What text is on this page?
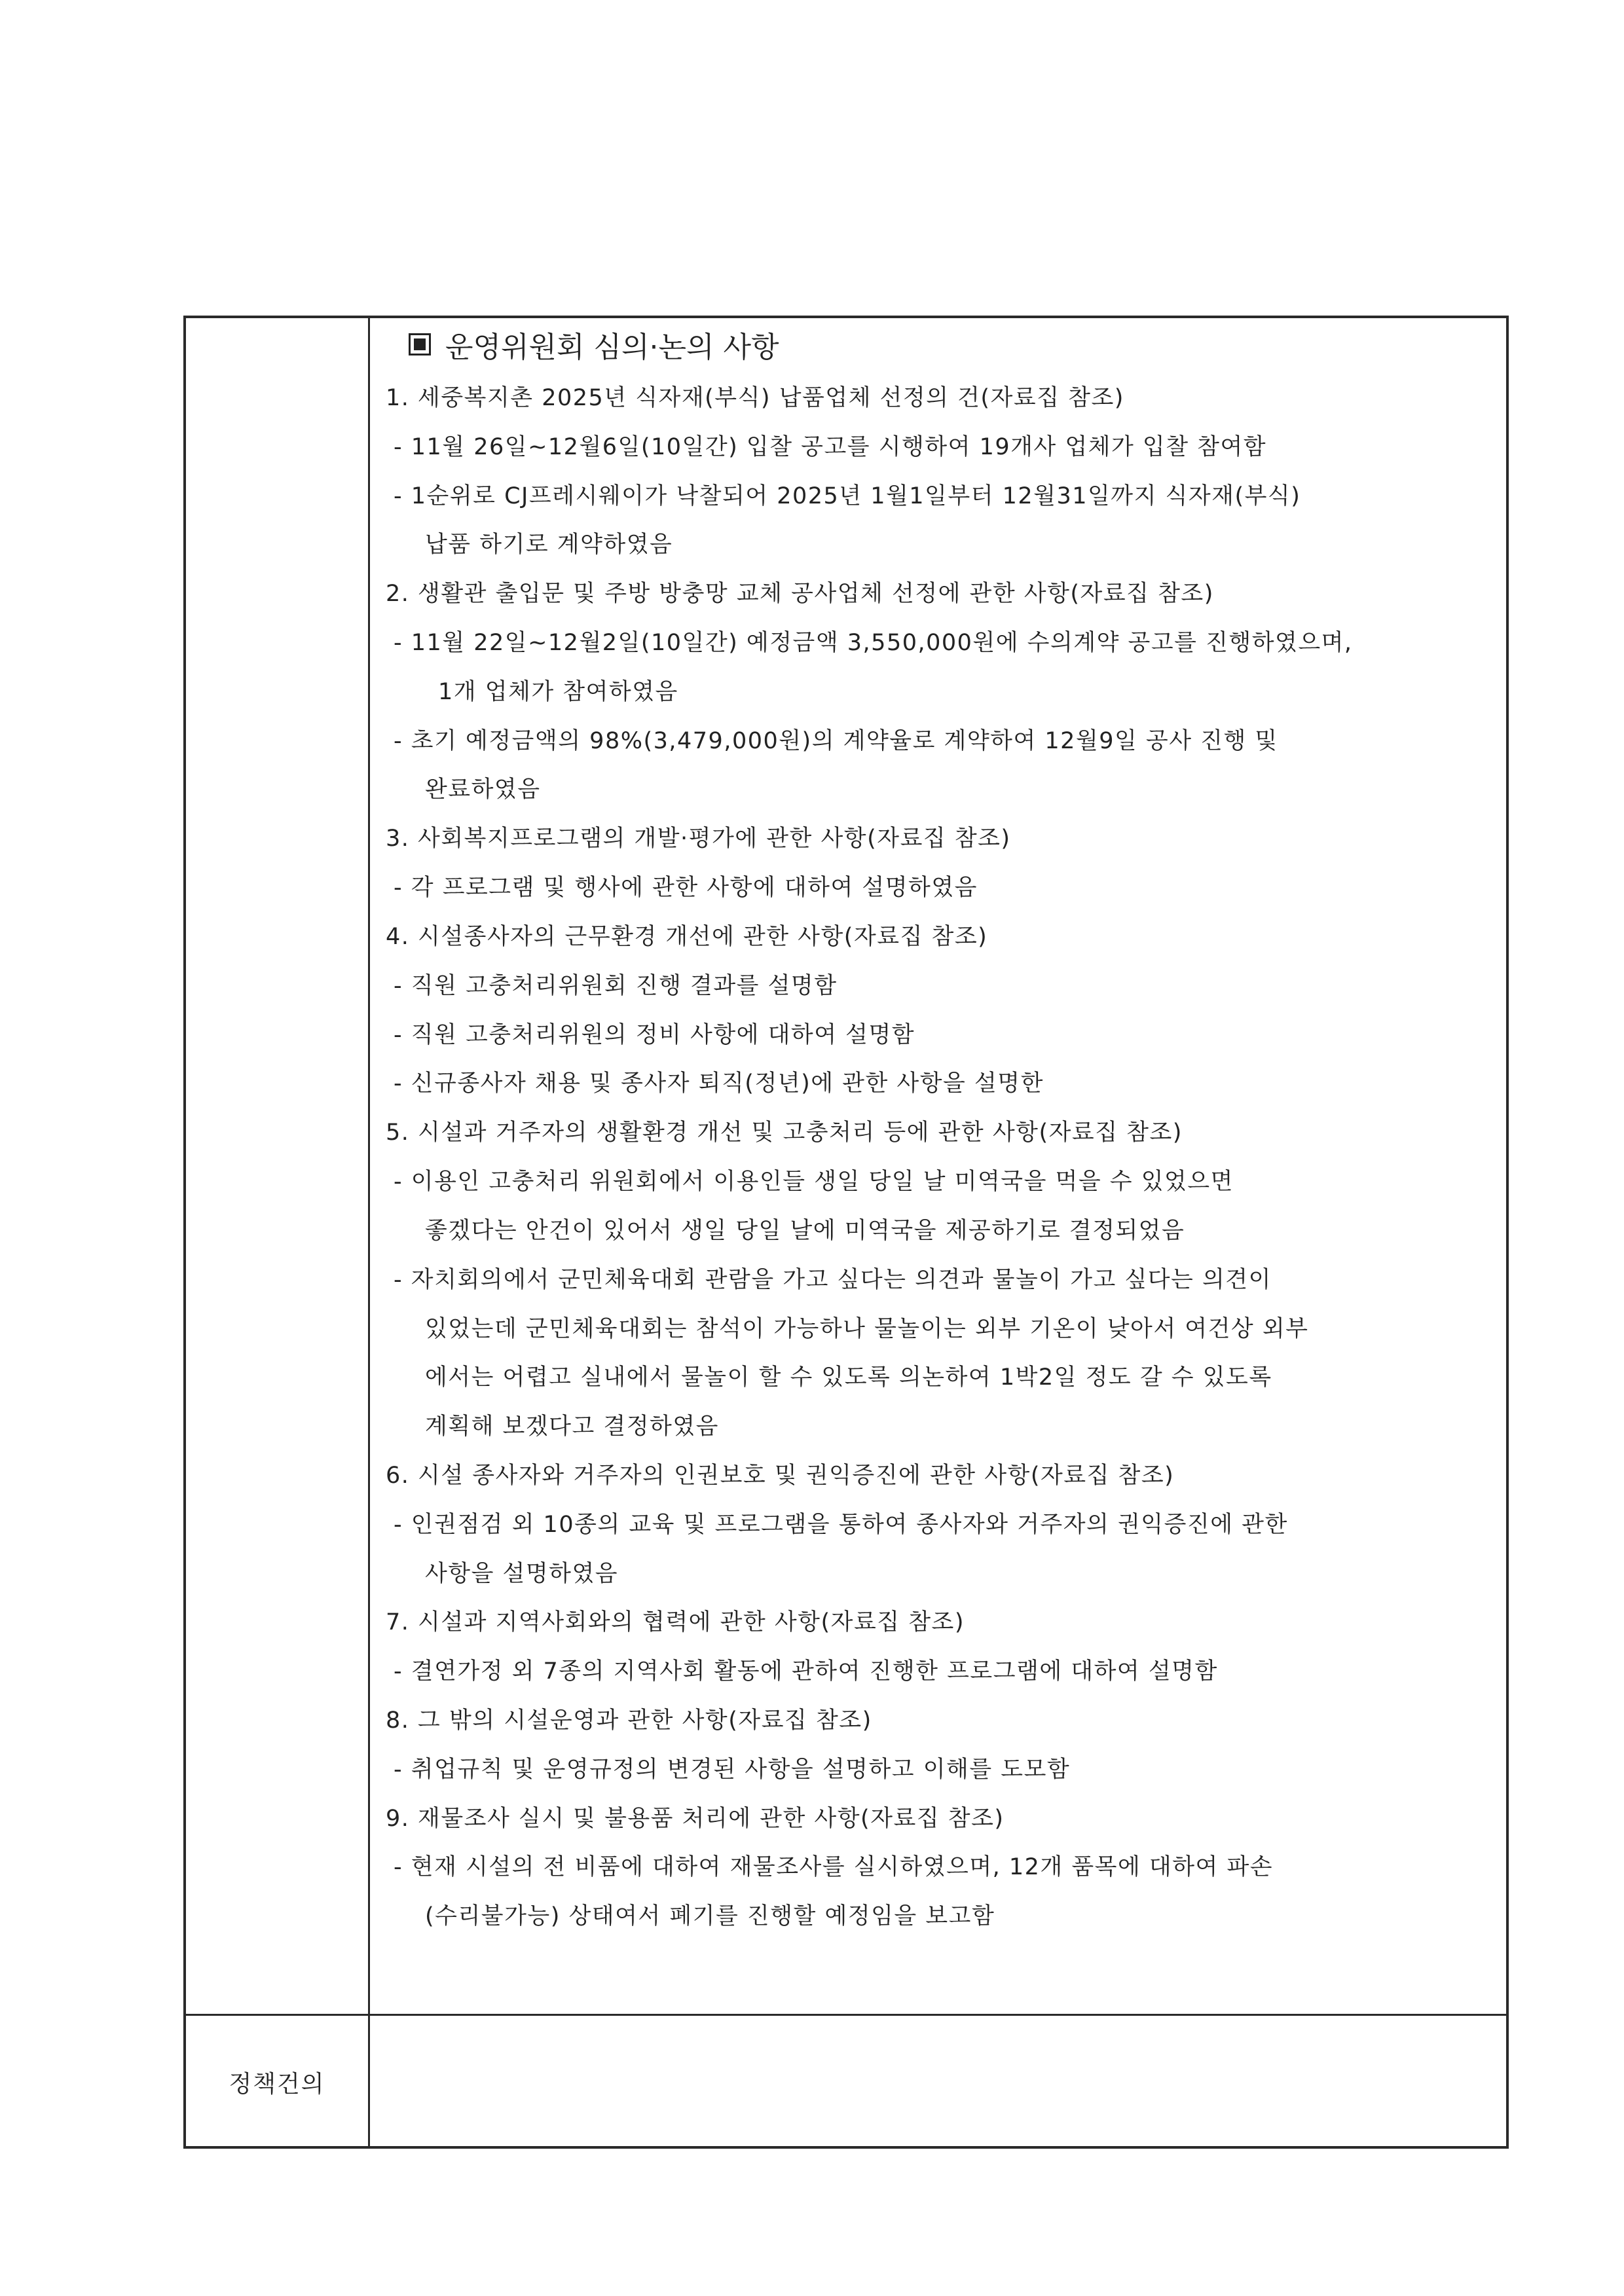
운영위원회 심의·논의 사항
1. 세중복지촌 2025년 식자재(부식) 납품업체 선정의 건(자료집 참조)
- 11월 26일~12월6일(10일간) 입찰 공고를 시행하여 19개사 업체가 입찰 참여함
- 1순위로 CJ프레시웨이가 낙찰되어 2025년 1월1일부터 12월31일까지 식자재(부식)
납품 하기로 계약하였음
2. 생활관 출입문 및 주방 방충망 교체 공사업체 선정에 관한 사항(자료집 참조)
- 11월 22일~12월2일(10일간) 예정금액 3,550,000원에 수의계약 공고를 진행하였으며,
1개 업체가 참여하였음
- 초기 예정금액의 98%(3,479,000원)의 계약율로 계약하여 12월9일 공사 진행 및
완료하였음
3. 사회복지프로그램의 개발·평가에 관한 사항(자료집 참조)
- 각 프로그램 및 행사에 관한 사항에 대하여 설명하였음
4. 시설종사자의 근무환경 개선에 관한 사항(자료집 참조)
- 직원 고충처리위원회 진행 결과를 설명함
- 직원 고충처리위원의 정비 사항에 대하여 설명함
- 신규종사자 채용 및 종사자 퇴직(정년)에 관한 사항을 설명한
5. 시설과 거주자의 생활환경 개선 및 고충처리 등에 관한 사항(자료집 참조)
- 이용인 고충처리 위원회에서 이용인들 생일 당일 날 미역국을 먹을 수 있었으면
좋겠다는 안건이 있어서 생일 당일 날에 미역국을 제공하기로 결정되었음
- 자치회의에서 군민체육대회 관람을 가고 싶다는 의견과 물놀이 가고 싶다는 의견이
있었는데 군민체육대회는 참석이 가능하나 물놀이는 외부 기온이 낮아서 여건상 외부
에서는 어렵고 실내에서 물놀이 할 수 있도록 의논하여 1박2일 정도 갈 수 있도록
계획해 보겠다고 결정하였음
6. 시설 종사자와 거주자의 인권보호 및 권익증진에 관한 사항(자료집 참조)
- 인권점검 외 10종의 교육 및 프로그램을 통하여 종사자와 거주자의 권익증진에 관한
사항을 설명하였음
7. 시설과 지역사회와의 협력에 관한 사항(자료집 참조)
- 결연가정 외 7종의 지역사회 활동에 관하여 진행한 프로그램에 대하여 설명함
8. 그 밖의 시설운영과 관한 사항(자료집 참조)
- 취업규칙 및 운영규정의 변경된 사항을 설명하고 이해를 도모함
9. 재물조사 실시 및 불용품 처리에 관한 사항(자료집 참조)
- 현재 시설의 전 비품에 대하여 재물조사를 실시하였으며, 12개 품목에 대하여 파손
(수리불가능) 상태여서 폐기를 진행할 예정임을 보고함
정책건의
